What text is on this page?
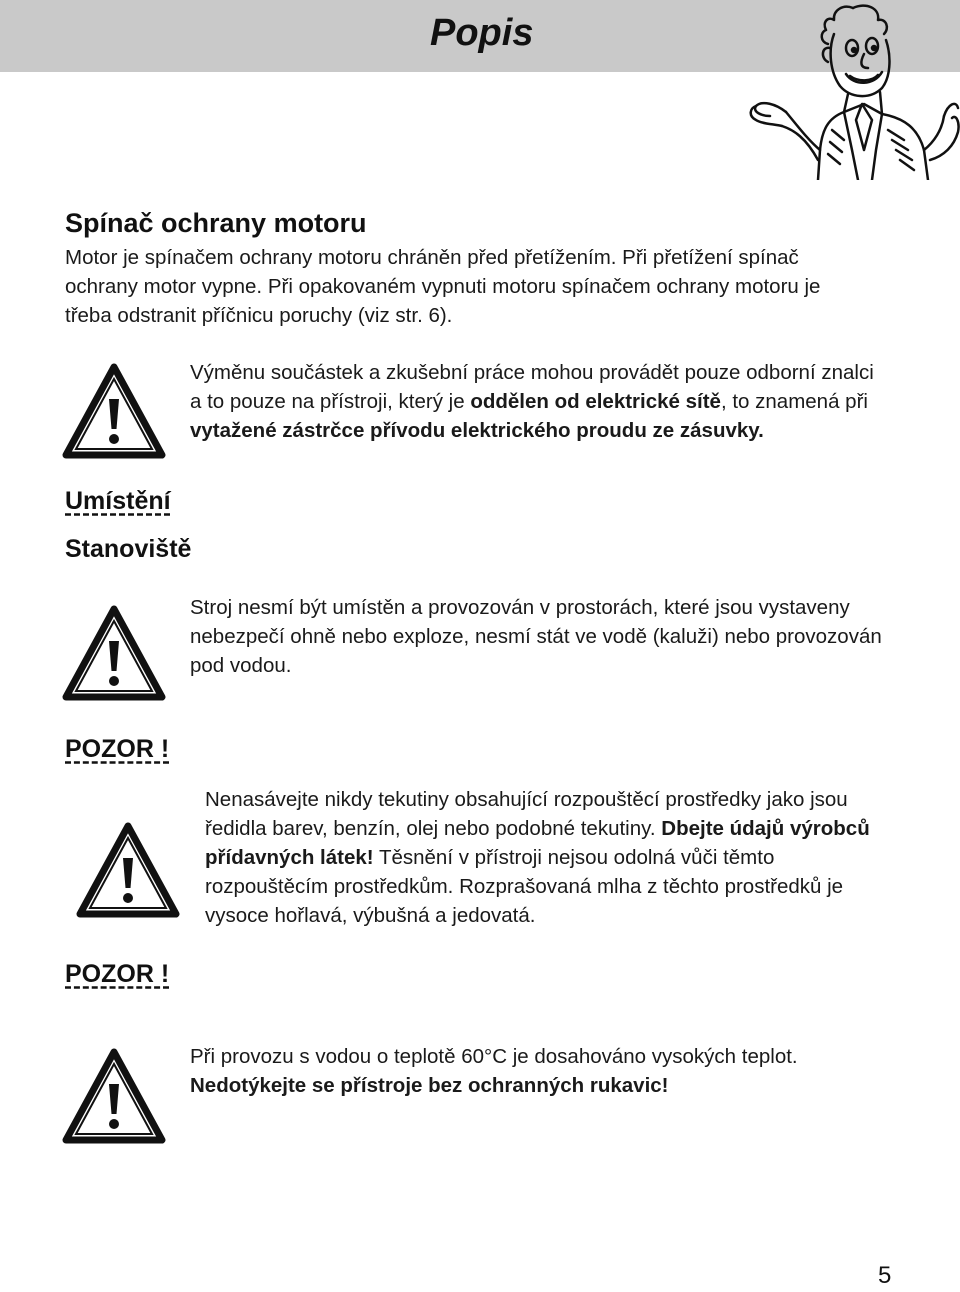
Popis
Spínač ochrany motoru
Motor je spínačem ochrany motoru chráněn před přetížením. Při přetížení spínač ochrany motor vypne. Při opakovaném vypnuti motoru spínačem ochrany motoru je třeba odstranit příčnicu poruchy (viz str. 6).
Výměnu součástek a zkušební práce mohou provádět pouze odborní znalci a to pouze na přístroji, který je oddělen od elektrické sítě, to znamená při vytažené zástrčce přívodu elektrického proudu ze zásuvky.
Umístění
Stanoviště
Stroj nesmí být umístěn a provozován v prostorách, které jsou vystaveny nebezpečí ohně nebo exploze, nesmí stát ve vodě (kaluži) nebo provozován pod vodou.
POZOR !
Nenasávejte nikdy tekutiny obsahující rozpouštěcí prostředky jako jsou ředidla barev, benzín, olej nebo podobné tekutiny. Dbejte údajů výrobců přídavných látek! Těsnění v přístroji nejsou odolná vůči těmto rozpouštěcím prostředkům. Rozprašovaná mlha z těchto prostředků je vysoce hořlavá, výbušná a jedovatá.
POZOR !
Při provozu s vodou o teplotě 60°C je dosahováno vysokých teplot.
Nedotýkejte se přístroje bez ochranných rukavic!
5
